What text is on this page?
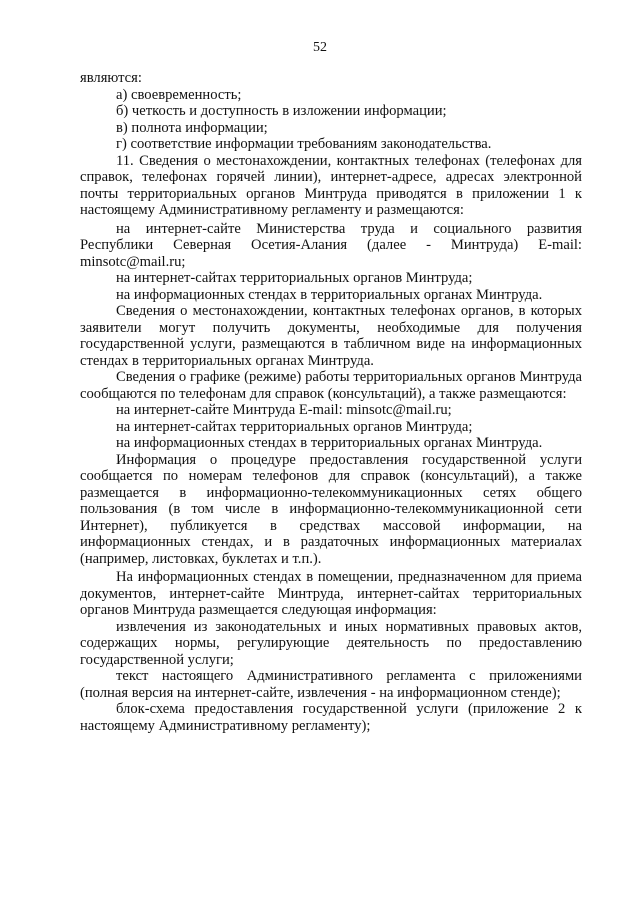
52

являются:

а) своевременность;

б) четкость и доступность в изложении информации;

в) полнота информации;

г) соответствие информации требованиям законодательства.

11. Сведения о местонахождении, контактных телефонах (телефонах для справок, телефонах горячей линии), интернет-адресе, адресах электронной почты территориальных органов Минтруда приводятся в приложении 1 к настоящему Административному регламенту и размещаются:

на интернет-сайте Министерства труда и социального развития Республики Северная Осетия-Алания (далее - Минтруда) E-mail: minsotc@mail.ru;

на интернет-сайтах территориальных органов Минтруда;

на информационных стендах в территориальных органах Минтруда.

Сведения о местонахождении, контактных телефонах органов, в которых заявители могут получить документы, необходимые для получения государственной услуги, размещаются в табличном виде на информационных стендах в территориальных органах Минтруда.

Сведения о графике (режиме) работы территориальных органов Минтруда сообщаются по телефонам для справок (консультаций), а также размещаются:

на интернет-сайте Минтруда E-mail: minsotc@mail.ru;

на интернет-сайтах территориальных органов Минтруда;

на информационных стендах в территориальных органах Минтруда.

Информация о процедуре предоставления государственной услуги сообщается по номерам телефонов для справок (консультаций), а также размещается в информационно-телекоммуникационных сетях общего пользования (в том числе в информационно-телекоммуникационной сети Интернет), публикуется в средствах массовой информации, на информационных стендах, и в раздаточных информационных материалах (например, листовках, буклетах и т.п.).

На информационных стендах в помещении, предназначенном для приема документов, интернет-сайте Минтруда, интернет-сайтах территориальных органов Минтруда размещается следующая информация:

извлечения из законодательных и иных нормативных правовых актов, содержащих нормы, регулирующие деятельность по предоставлению государственной услуги;

текст настоящего Административного регламента с приложениями (полная версия на интернет-сайте, извлечения - на информационном стенде);

блок-схема предоставления государственной услуги (приложение 2 к настоящему Административному регламенту);
